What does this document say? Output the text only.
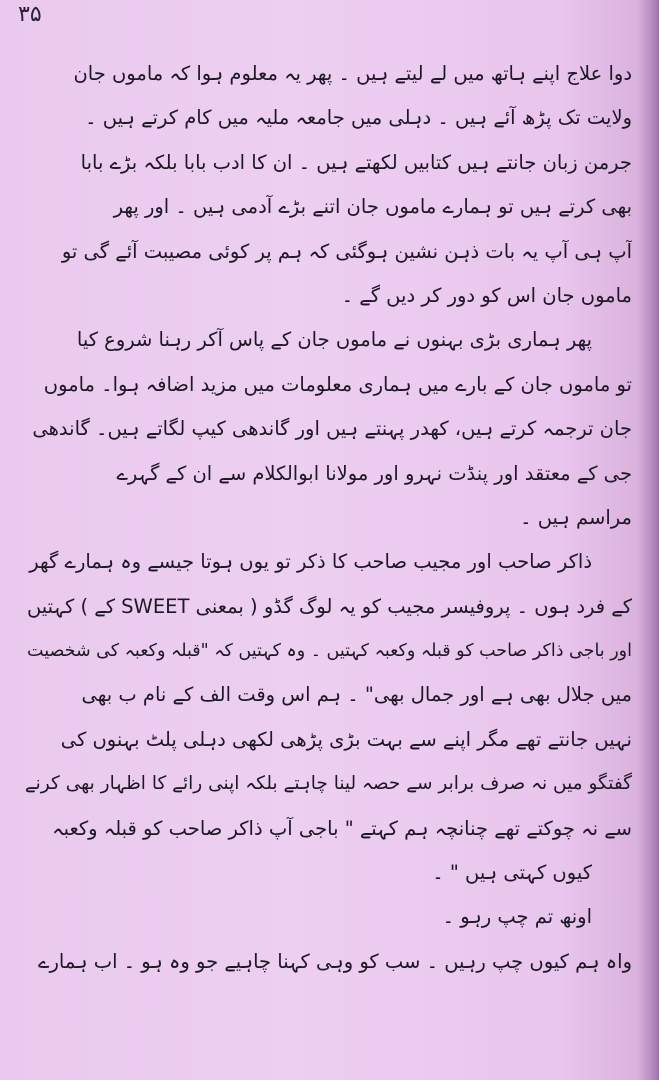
۳۵
دوا علاج اپنے ہاتھ میں لے لیتے ہیں ۔ پھر یہ معلوم ہوا کہ ماموں جان
ولایت تک پڑھ آئے ہیں ۔ دہلی میں جامعہ ملیہ میں کام کرتے ہیں ۔
جرمن زبان جانتے ہیں کتابیں لکھتے ہیں ۔ ان کا ادب بابا بلکہ بڑے بابا
بھی کرتے ہیں تو ہمارے ماموں جان اتنے بڑے آدمی ہیں ۔ اور پھر
آپ ہی آپ یہ بات ذہن نشین ہوگئی کہ ہم پر کوئی مصیبت آئے گی تو
ماموں جان اس کو دور کر دیں گے ۔
پھر ہماری بڑی بہنوں نے ماموں جان کے پاس آکر رہنا شروع کیا
تو ماموں جان کے بارے میں ہماری معلومات میں مزید اضافہ ہوا۔ ماموں
جان ترجمہ کرتے ہیں، کھدر پہنتے ہیں اور گاندھی کیپ لگاتے ہیں۔ گاندھی
جی کے معتقد اور پنڈت نہرو اور مولانا ابوالکلام سے ان کے گہرے
مراسم ہیں ۔
ذاکر صاحب اور مجیب صاحب کا ذکر تو یوں ہوتا جیسے وہ ہمارے گھر
کے فرد ہوں ۔ پروفیسر مجیب کو یہ لوگ گڈو ( بمعنی SWEET کے ) کہتیں
اور باجی ذاکر صاحب کو قبلہ وکعبہ کہتیں ۔ وہ کہتیں کہ "قبلہ وکعبہ کی شخصیت
میں جلال بھی ہے اور جمال بھی" ۔ ہم اس وقت الف کے نام ب بھی
نہیں جانتے تھے مگر اپنے سے بہت بڑی پڑھی لکھی دہلی پلٹ بہنوں کی
گفتگو میں نہ صرف برابر سے حصہ لینا چاہتے بلکہ اپنی رائے کا اظہار بھی کرنے
سے نہ چوکتے تھے چنانچہ ہم کہتے " باجی آپ ذاکر صاحب کو قبلہ وکعبہ
کیوں کہتی ہیں " ۔
اونھ تم چپ رہو ۔
واہ ہم کیوں چپ رہیں ۔ سب کو وہی کہنا چاہیے جو وہ ہو ۔ اب ہمارے
